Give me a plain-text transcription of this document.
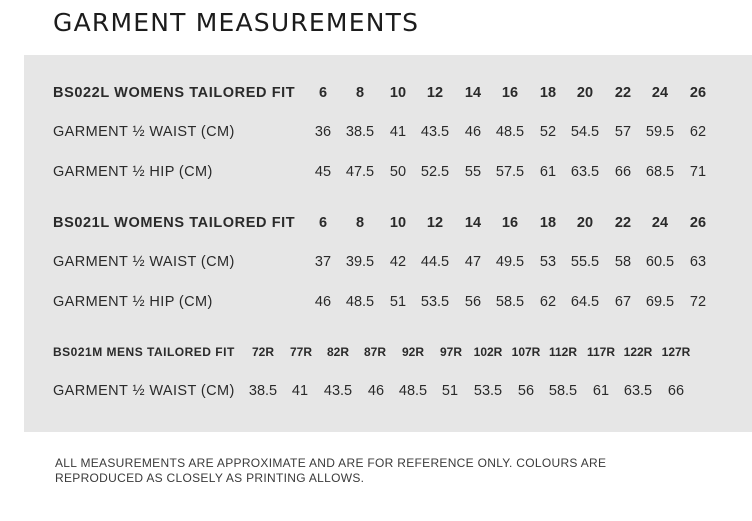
GARMENT MEASUREMENTS
BS022L WOMENS TAILORED FIT	6	8	10	12	14	16	18	20	22	24	26
GARMENT ½ WAIST (CM)	36	38.5	41	43.5	46	48.5	52	54.5	57	59.5	62
GARMENT ½ HIP (CM)	45	47.5	50	52.5	55	57.5	61	63.5	66	68.5	71
BS021L WOMENS TAILORED FIT	6	8	10	12	14	16	18	20	22	24	26
GARMENT ½ WAIST (CM)	37	39.5	42	44.5	47	49.5	53	55.5	58	60.5	63
GARMENT ½ HIP (CM)	46	48.5	51	53.5	56	58.5	62	64.5	67	69.5	72
BS021M MENS TAILORED FIT	72R	77R	82R	87R	92R	97R 102R 107R 112R 117R 122R 127R
GARMENT ½ WAIST (CM) 38.5	41	43.5	46	48.5	51	53.5	56	58.5	61	63.5	66
ALL MEASUREMENTS ARE APPROXIMATE AND ARE FOR REFERENCE ONLY. COLOURS ARE REPRODUCED AS CLOSELY AS PRINTING ALLOWS.
